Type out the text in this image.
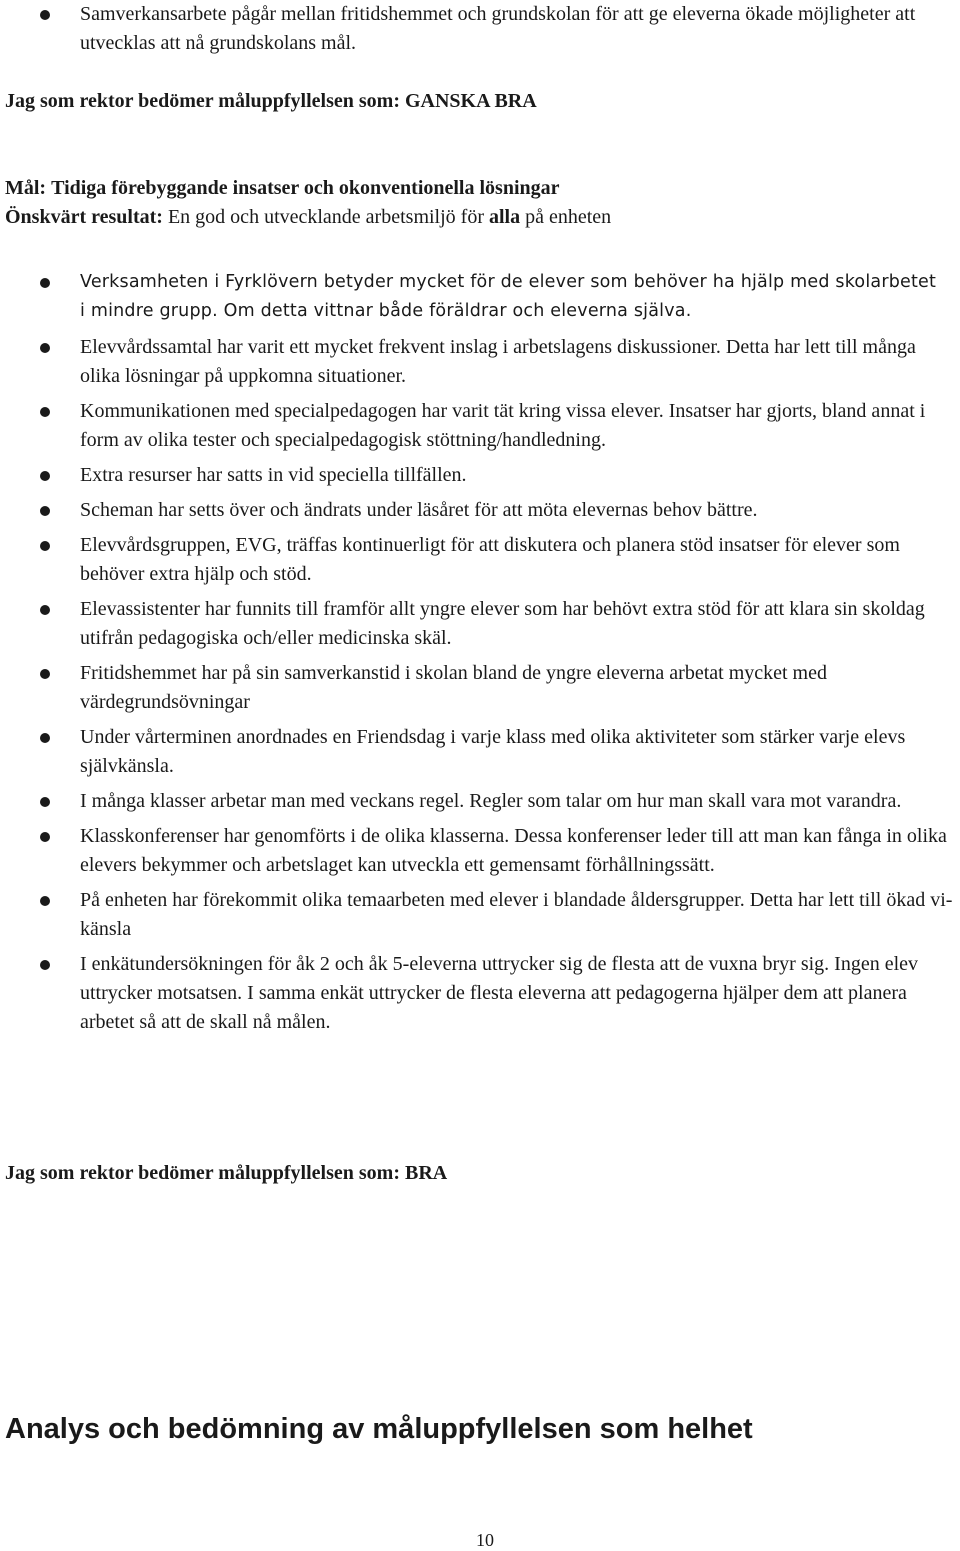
Samverkansarbete pågår mellan fritidshemmet och grundskolan för att ge eleverna ökade möjligheter att utvecklas att nå grundskolans mål.
Jag som rektor bedömer måluppfyllelsen som: GANSKA BRA
Mål: Tidiga förebyggande insatser och okonventionella lösningar
Önskvärt resultat: En god och utvecklande arbetsmiljö för alla på enheten
Verksamheten i Fyrklövern betyder mycket för de elever som behöver ha hjälp med skolarbetet i mindre grupp. Om detta vittnar både föräldrar och eleverna själva.
Elevvårdssamtal har varit ett mycket frekvent inslag i arbetslagens diskussioner. Detta har lett till många olika lösningar på uppkomna situationer.
Kommunikationen med specialpedagogen har varit tät kring vissa elever. Insatser har gjorts, bland annat i form av olika tester och specialpedagogisk stöttning/handledning.
Extra resurser har satts in vid speciella tillfällen.
Scheman har setts över och ändrats under läsåret för att möta elevernas behov bättre.
Elevvårdsgruppen, EVG, träffas kontinuerligt för att diskutera och planera stöd insatser för elever som behöver extra hjälp och stöd.
Elevassistenter har funnits till framför allt yngre elever som har behövt extra stöd för att klara sin skoldag utifrån pedagogiska och/eller medicinska skäl.
Fritidshemmet har på sin samverkanstid i skolan bland de yngre eleverna arbetat mycket med värdegrundsövningar
Under vårterminen anordnades en Friendsdag i varje klass med olika aktiviteter som stärker varje elevs självkänsla.
I många klasser arbetar man med veckans regel. Regler som talar om hur man skall vara mot varandra.
Klasskonferenser har genomförts i de olika klasserna. Dessa konferenser leder till att man kan fånga in olika elevers bekymmer och arbetslaget kan utveckla ett gemensamt förhållningssätt.
På enheten har förekommit olika temaarbeten med elever i blandade åldersgrupper. Detta har lett till ökad vi-känsla
I enkätundersökningen för åk 2 och åk 5-eleverna uttrycker sig de flesta att de vuxna bryr sig. Ingen elev uttrycker motsatsen. I samma enkät uttrycker de flesta eleverna att pedagogerna hjälper dem att planera arbetet så att de skall nå målen.
Jag som rektor bedömer måluppfyllelsen som: BRA
Analys och bedömning av måluppfyllelsen som helhet
10
